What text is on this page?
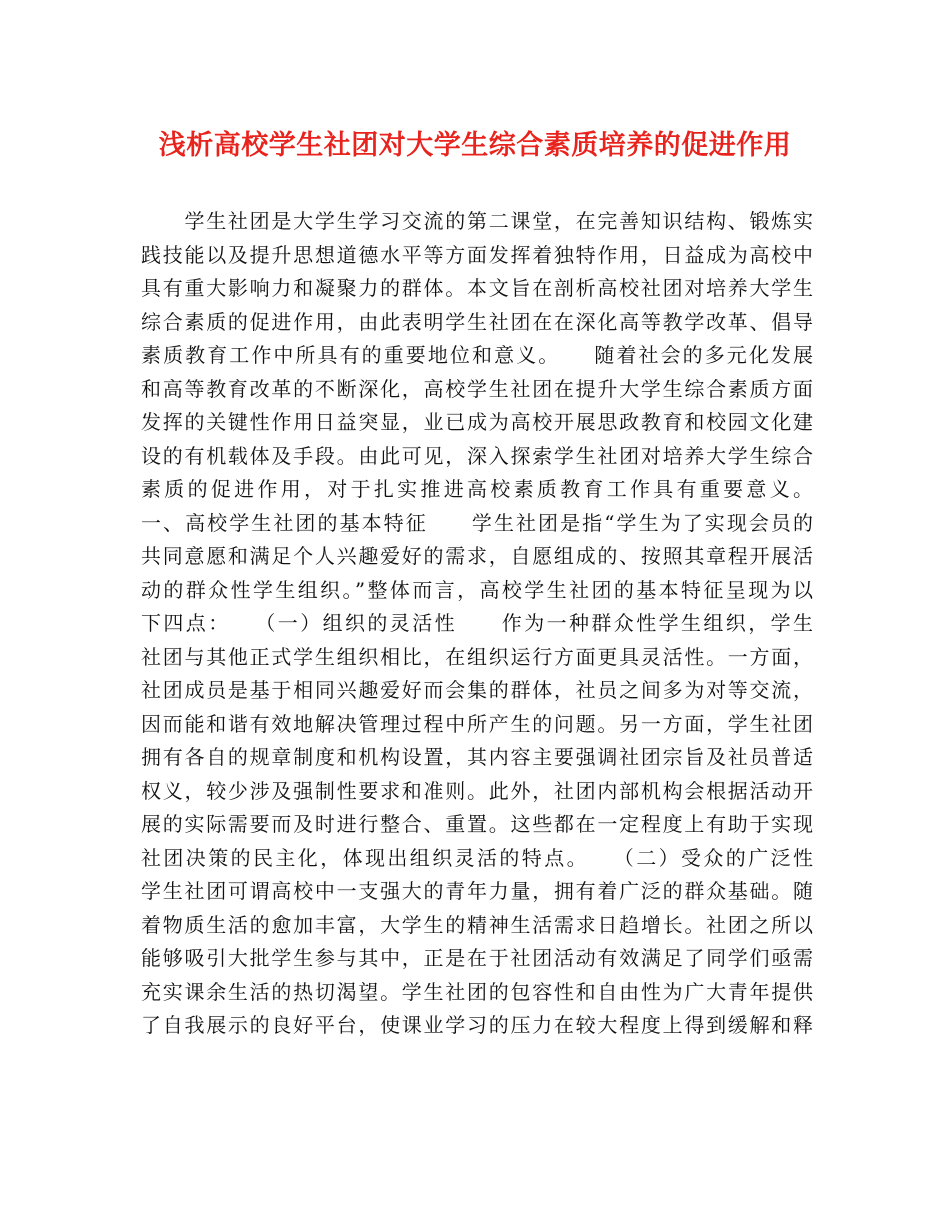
浅析高校学生社团对大学生综合素质培养的促进作用
　　学生社团是大学生学习交流的第二课堂，在完善知识结构、锻炼实
践技能以及提升思想道德水平等方面发挥着独特作用，日益成为高校中
具有重大影响力和凝聚力的群体。本文旨在剖析高校社团对培养大学生
综合素质的促进作用，由此表明学生社团在在深化高等教学改革、倡导
素质教育工作中所具有的重要地位和意义。　　随着社会的多元化发展
和高等教育改革的不断深化，高校学生社团在提升大学生综合素质方面
发挥的关键性作用日益突显，业已成为高校开展思政教育和校园文化建
设的有机载体及手段。由此可见，深入探索学生社团对培养大学生综合
素质的促进作用，对于扎实推进高校素质教育工作具有重要意义。
一、高校学生社团的基本特征　　学生社团是指“学生为了实现会员的
共同意愿和满足个人兴趣爱好的需求，自愿组成的、按照其章程开展活
动的群众性学生组织。”整体而言，高校学生社团的基本特征呈现为以
下四点：　　（一）组织的灵活性　　作为一种群众性学生组织，学生
社团与其他正式学生组织相比，在组织运行方面更具灵活性。一方面，
社团成员是基于相同兴趣爱好而会集的群体，社员之间多为对等交流，
因而能和谐有效地解决管理过程中所产生的问题。另一方面，学生社团
拥有各自的规章制度和机构设置，其内容主要强调社团宗旨及社员普适
权义，较少涉及强制性要求和准则。此外，社团内部机构会根据活动开
展的实际需要而及时进行整合、重置。这些都在一定程度上有助于实现
社团决策的民主化，体现出组织灵活的特点。　　（二）受众的广泛性
学生社团可谓高校中一支强大的青年力量，拥有着广泛的群众基础。随
着物质生活的愈加丰富，大学生的精神生活需求日趋增长。社团之所以
能够吸引大批学生参与其中，正是在于社团活动有效满足了同学们亟需
充实课余生活的热切渴望。学生社团的包容性和自由性为广大青年提供
了自我展示的良好平台，使课业学习的压力在较大程度上得到缓解和释
